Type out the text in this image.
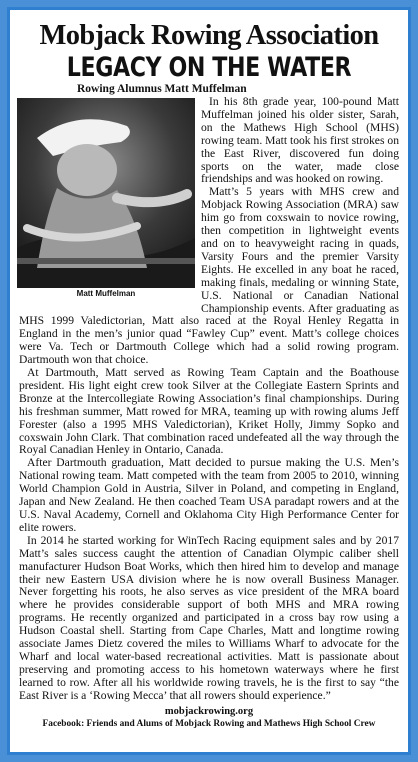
Mobjack Rowing Association
LEGACY ON THE WATER
Rowing Alumnus Matt Muffelman
Matt Muffelman

In his 8th grade year, 100-pound Matt Muffelman joined his older sister, Sarah, on the Mathews High School (MHS) rowing team. Matt took his first strokes on the East River, discovered fun doing sports on the water, made close friendships and was hooked on rowing.

Matt’s 5 years with MHS crew and Mobjack Rowing Association (MRA) saw him go from coxswain to novice rowing, then competition in lightweight events and on to heavyweight racing in quads, Varsity Fours and the premier Varsity Eights. He excelled in any boat he raced, making finals, medaling or winning State, U.S. National or Canadian National Championship events. After graduating as MHS 1999 Valedictorian, Matt also raced at the Royal Henley Regatta in England in the men’s junior quad “Fawley Cup” event. Matt’s college choices were Va. Tech or Dartmouth College which had a solid rowing program. Dartmouth won that choice.

At Dartmouth, Matt served as Rowing Team Captain and the Boathouse president. His light eight crew took Silver at the Collegiate Eastern Sprints and Bronze at the Intercollegiate Rowing Association’s final championships. During his freshman summer, Matt rowed for MRA, teaming up with rowing alums Jeff Forester (also a 1995 MHS Valedictorian), Kriket Holly, Jimmy Sopko and coxswain John Clark. That combination raced undefeated all the way through the Royal Canadian Henley in Ontario, Canada.

After Dartmouth graduation, Matt decided to pursue making the U.S. Men’s National rowing team. Matt competed with the team from 2005 to 2010, winning World Champion Gold in Austria, Silver in Poland, and competing in England, Japan and New Zealand. He then coached Team USA paradapt rowers and at the U.S. Naval Academy, Cornell and Oklahoma City High Performance Center for elite rowers.

In 2014 he started working for WinTech Racing equipment sales and by 2017 Matt’s sales success caught the attention of Canadian Olympic caliber shell manufacturer Hudson Boat Works, which then hired him to develop and manage their new Eastern USA division where he is now overall Business Manager. Never forgetting his roots, he also serves as vice president of the MRA board where he provides considerable support of both MHS and MRA rowing programs. He recently organized and participated in a cross bay row using a Hudson Coastal shell. Starting from Cape Charles, Matt and longtime rowing associate James Dietz covered the miles to Williams Wharf to advocate for the Wharf and local water-based recreational activities. Matt is passionate about preserving and promoting access to his hometown waterways where he first learned to row. After all his worldwide rowing travels, he is the first to say “the East River is a ‘Rowing Mecca’ that all rowers should experience.”

mobjackrowing.org
Facebook: Friends and Alums of Mobjack Rowing and Mathews High School Crew
